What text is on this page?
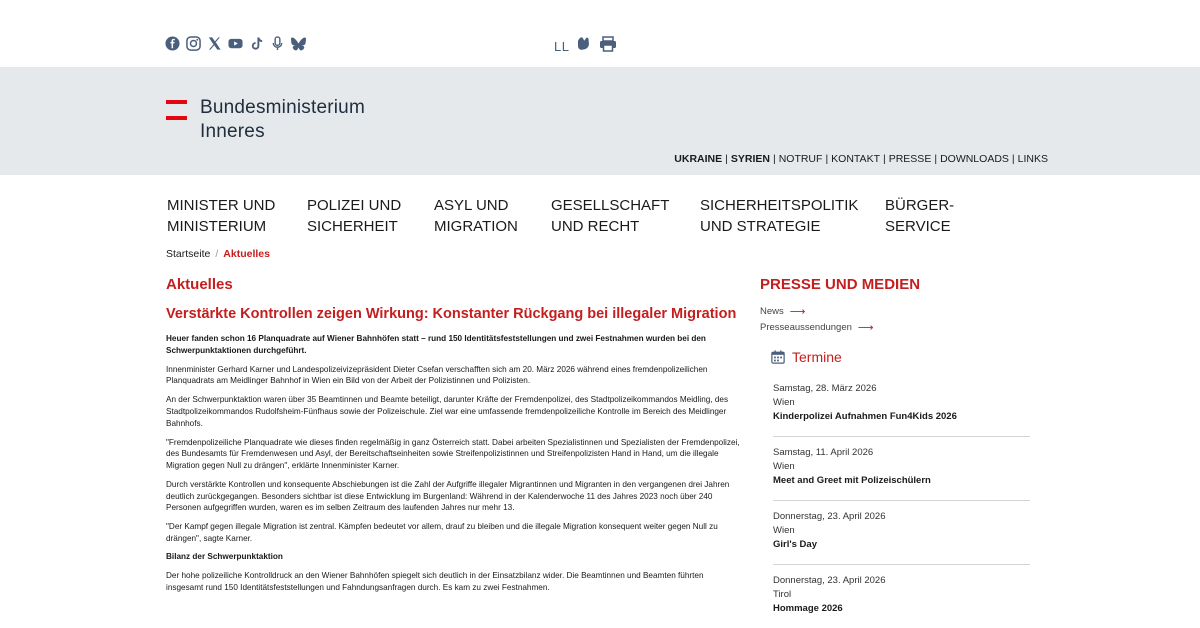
LL
Bundesministerium
Inneres
UKRAINE | SYRIEN | NOTRUF | KONTAKT | PRESSE | DOWNLOADS | LINKS
MINISTER UND
MINISTERIUM
POLIZEI UND
SICHERHEIT
ASYL UND
MIGRATION
GESELLSCHAFT
UND RECHT
SICHERHEITSPOLITIK
UND STRATEGIE
BÜRGER-
SERVICE
Startseite / Aktuelles
Aktuelles
Verstärkte Kontrollen zeigen Wirkung: Konstanter Rückgang bei illegaler Migration

Heuer fanden schon 16 Planquadrate auf Wiener Bahnhöfen statt – rund 150 Identitätsfeststellungen und zwei Festnahmen wurden bei den Schwerpunktaktionen durchgeführt.

Innenminister Gerhard Karner und Landespolizeivizepräsident Dieter Csefan verschafften sich am 20. März 2026 während eines fremdenpolizeilichen Planquadrats am Meidlinger Bahnhof in Wien ein Bild von der Arbeit der Polizistinnen und Polizisten.

An der Schwerpunktaktion waren über 35 Beamtinnen und Beamte beteiligt, darunter Kräfte der Fremdenpolizei, des Stadtpolizeikommandos Meidling, des Stadtpolizeikommandos Rudolfsheim-Fünfhaus sowie der Polizeischule. Ziel war eine umfassende fremdenpolizeiliche Kontrolle im Bereich des Meidlinger Bahnhofs.

"Fremdenpolizeiliche Planquadrate wie dieses finden regelmäßig in ganz Österreich statt. Dabei arbeiten Spezialistinnen und Spezialisten der Fremdenpolizei, des Bundesamts für Fremdenwesen und Asyl, der Bereitschaftseinheiten sowie Streifenpolizistinnen und Streifenpolizisten Hand in Hand, um die illegale Migration gegen Null zu drängen", erklärte Innenminister Karner.

Durch verstärkte Kontrollen und konsequente Abschiebungen ist die Zahl der Aufgriffe illegaler Migrantinnen und Migranten in den vergangenen drei Jahren deutlich zurückgegangen. Besonders sichtbar ist diese Entwicklung im Burgenland: Während in der Kalenderwoche 11 des Jahres 2023 noch über 240 Personen aufgegriffen wurden, waren es im selben Zeitraum des laufenden Jahres nur mehr 13.

"Der Kampf gegen illegale Migration ist zentral. Kämpfen bedeutet vor allem, drauf zu bleiben und die illegale Migration konsequent weiter gegen Null zu drängen", sagte Karner.

Bilanz der Schwerpunktaktion

Der hohe polizeiliche Kontrolldruck an den Wiener Bahnhöfen spiegelt sich deutlich in der Einsatzbilanz wider. Die Beamtinnen und Beamten führten insgesamt rund 150 Identitätsfeststellungen und Fahndungsanfragen durch. Es kam zu zwei Festnahmen.

PRESSE UND MEDIEN
News ⟶
Presseaussendungen ⟶
Termine
Samstag, 28. März 2026
Wien
Kinderpolizei Aufnahmen Fun4Kids 2026
Samstag, 11. April 2026
Wien
Meet and Greet mit Polizeischülern
Donnerstag, 23. April 2026
Wien
Girl's Day
Donnerstag, 23. April 2026
Tirol
Hommage 2026
